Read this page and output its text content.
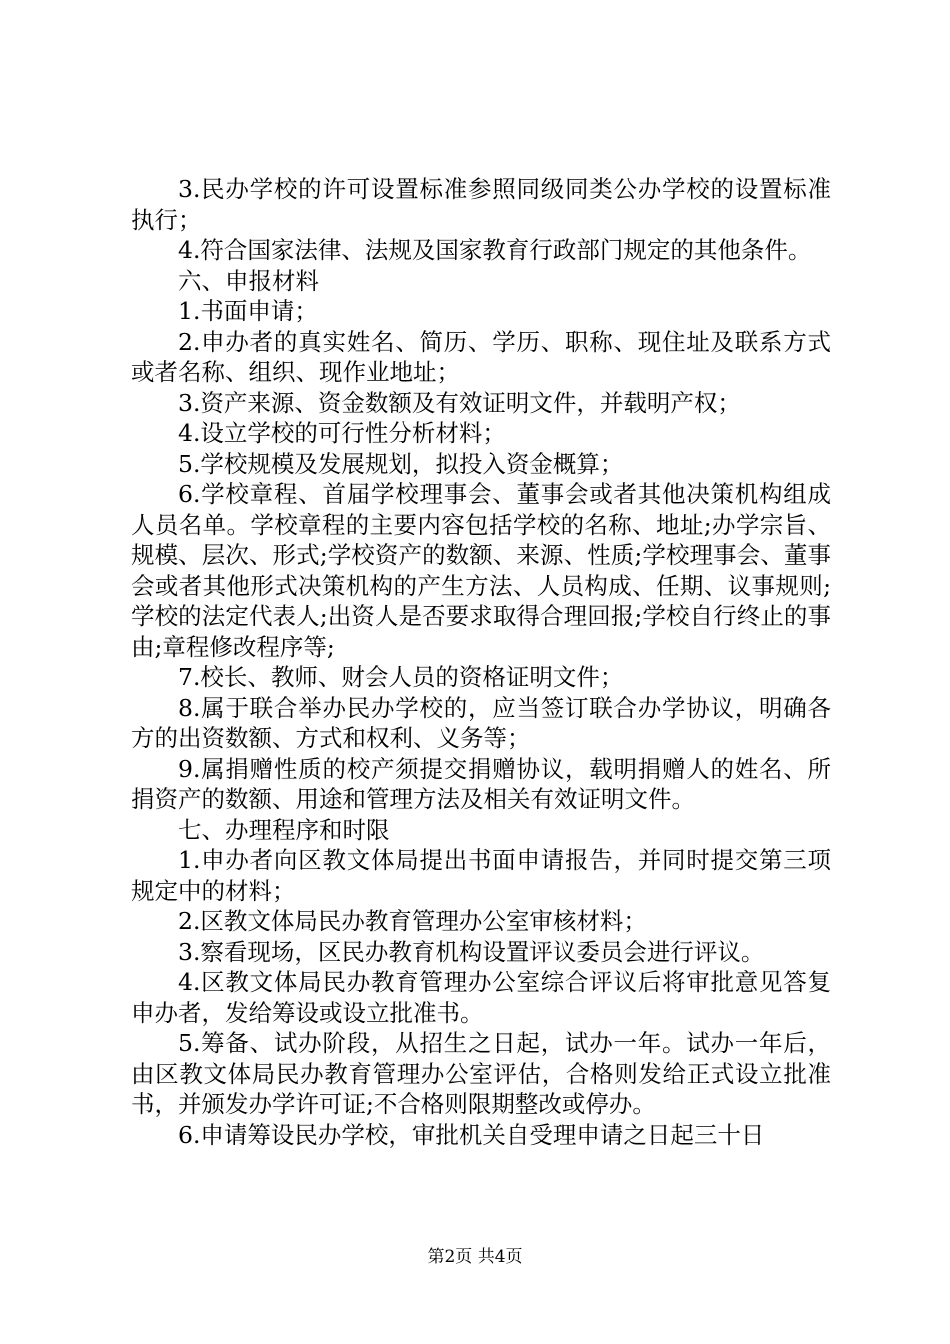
3.民办学校的许可设置标准参照同级同类公办学校的设置标准执行；

4.符合国家法律、法规及国家教育行政部门规定的其他条件。

六、申报材料

1.书面申请；

2.申办者的真实姓名、简历、学历、职称、现住址及联系方式或者名称、组织、现作业地址；

3.资产来源、资金数额及有效证明文件，并载明产权；

4.设立学校的可行性分析材料；

5.学校规模及发展规划，拟投入资金概算；

6.学校章程、首届学校理事会、董事会或者其他决策机构组成人员名单。学校章程的主要内容包括学校的名称、地址;办学宗旨、规模、层次、形式;学校资产的数额、来源、性质;学校理事会、董事会或者其他形式决策机构的产生方法、人员构成、任期、议事规则;学校的法定代表人;出资人是否要求取得合理回报;学校自行终止的事由;章程修改程序等;

7.校长、教师、财会人员的资格证明文件；

8.属于联合举办民办学校的，应当签订联合办学协议，明确各方的出资数额、方式和权利、义务等；

9.属捐赠性质的校产须提交捐赠协议，载明捐赠人的姓名、所捐资产的数额、用途和管理方法及相关有效证明文件。

七、办理程序和时限

1.申办者向区教文体局提出书面申请报告，并同时提交第三项规定中的材料；

2.区教文体局民办教育管理办公室审核材料；

3.察看现场，区民办教育机构设置评议委员会进行评议。

4.区教文体局民办教育管理办公室综合评议后将审批意见答复申办者，发给筹设或设立批准书。

5.筹备、试办阶段，从招生之日起，试办一年。试办一年后，由区教文体局民办教育管理办公室评估，合格则发给正式设立批准书，并颁发办学许可证;不合格则限期整改或停办。

6.申请筹设民办学校，审批机关自受理申请之日起三十日

第2页 共4页
